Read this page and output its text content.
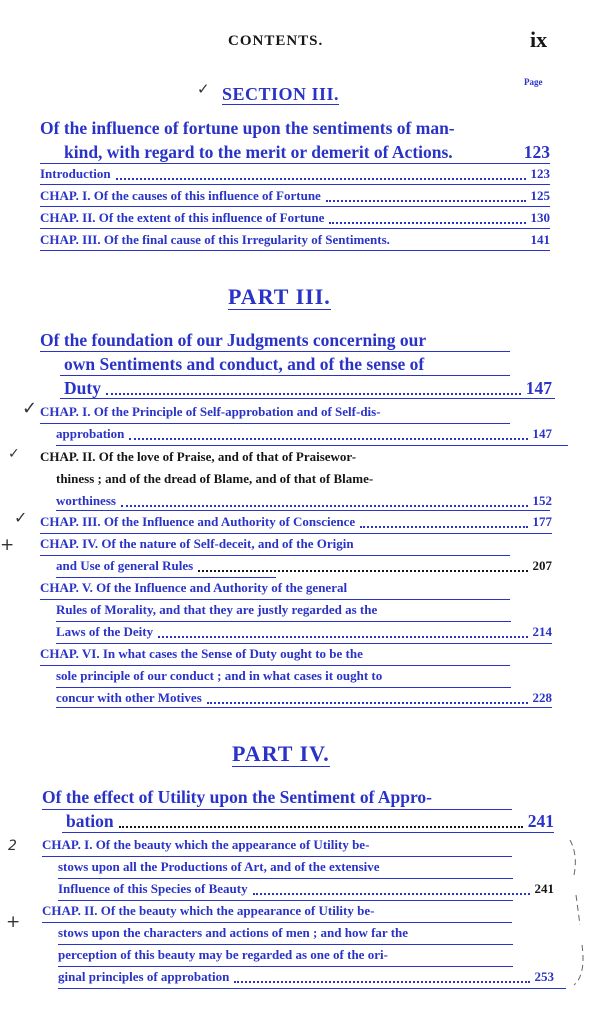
CONTENTS.	ix
Page
✓ SECTION III.
Of the influence of fortune upon the sentiments of man-
kind, with regard to the merit or demerit of Actions.	123
Introduction	123
CHAP. I. Of the causes of this influence of Fortune	125
CHAP. II. Of the extent of this influence of Fortune	130
CHAP. III. Of the final cause of this Irregularity of Sentiments.	141
PART III.
Of the foundation of our Judgments concerning our
own Sentiments and conduct, and of the sense of
Duty	147
✓ CHAP. I. Of the Principle of Self-approbation and of Self-dis-
approbation	147
✓ CHAP. II. Of the love of Praise, and of that of Praisewor-
thiness ; and of the dread of Blame, and of that of Blame-
worthiness	152
✓ CHAP. III. Of the Influence and Authority of Conscience	177
+ CHAP. IV. Of the nature of Self-deceit, and of the Origin
and Use of general Rules	207
CHAP. V. Of the Influence and Authority of the general
Rules of Morality, and that they are justly regarded as the
Laws of the Deity	214
CHAP. VI. In what cases the Sense of Duty ought to be the
sole principle of our conduct ; and in what cases it ought to
concur with other Motives	228
PART IV.
Of the effect of Utility upon the Sentiment of Appro-
bation	241
2 CHAP. I. Of the beauty which the appearance of Utility be-
stows upon all the Productions of Art, and of the extensive
Influence of this Species of Beauty	241
+
CHAP. II. Of the beauty which the appearance of Utility be-
stows upon the characters and actions of men ; and how far the
perception of this beauty may be regarded as one of the ori-
ginal principles of approbation	253
